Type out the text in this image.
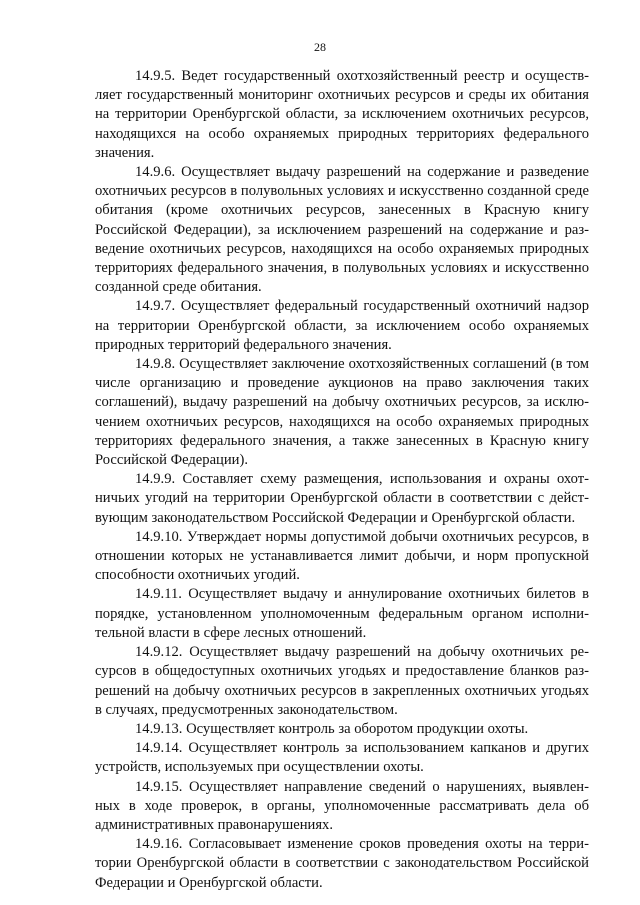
28

14.9.5. Ведет государственный охотхозяйственный реестр и осуществляет государственный мониторинг охотничьих ресурсов и среды их обитания на территории Оренбургской области, за исключением охотничьих ресурсов, находящихся на особо охраняемых природных территориях федерального значения.

14.9.6. Осуществляет выдачу разрешений на содержание и разведение охотничьих ресурсов в полувольных условиях и искусственно созданной среде обитания (кроме охотничьих ресурсов, занесенных в Красную книгу Российской Федерации), за исключением разрешений на содержание и разведение охотничьих ресурсов, находящихся на особо охраняемых природных территориях федерального значения, в полувольных условиях и искусственно созданной среде обитания.

14.9.7. Осуществляет федеральный государственный охотничий надзор на территории Оренбургской области, за исключением особо охраняемых природных территорий федерального значения.

14.9.8. Осуществляет заключение охотхозяйственных соглашений (в том числе организацию и проведение аукционов на право заключения таких соглашений), выдачу разрешений на добычу охотничьих ресурсов, за исключением охотничьих ресурсов, находящихся на особо охраняемых природных территориях федерального значения, а также занесенных в Красную книгу Российской Федерации).

14.9.9. Составляет схему размещения, использования и охраны охотничьих угодий на территории Оренбургской области в соответствии с действующим законодательством Российской Федерации и Оренбургской области.

14.9.10. Утверждает нормы допустимой добычи охотничьих ресурсов, в отношении которых не устанавливается лимит добычи, и норм пропускной способности охотничьих угодий.

14.9.11. Осуществляет выдачу и аннулирование охотничьих билетов в порядке, установленном уполномоченным федеральным органом исполнительной власти в сфере лесных отношений.

14.9.12. Осуществляет выдачу разрешений на добычу охотничьих ресурсов в общедоступных охотничьих угодьях и предоставление бланков разрешений на добычу охотничьих ресурсов в закрепленных охотничьих угодьях в случаях, предусмотренных законодательством.

14.9.13. Осуществляет контроль за оборотом продукции охоты.

14.9.14. Осуществляет контроль за использованием капканов и других устройств, используемых при осуществлении охоты.

14.9.15. Осуществляет направление сведений о нарушениях, выявленных в ходе проверок, в органы, уполномоченные рассматривать дела об административных правонарушениях.

14.9.16. Согласовывает изменение сроков проведения охоты на территории Оренбургской области в соответствии с законодательством Российской Федерации и Оренбургской области.
